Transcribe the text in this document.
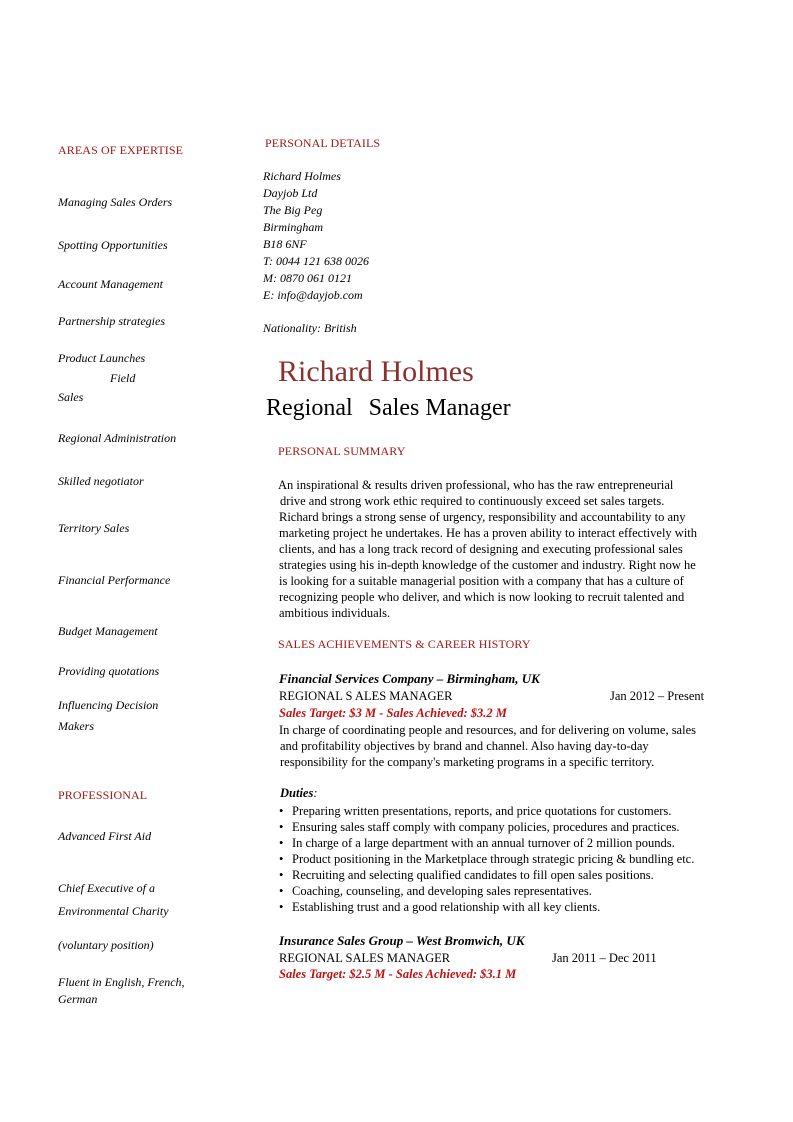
AREAS OF EXPERTISE
Managing Sales Orders
Spotting Opportunities
Account Management
Partnership strategies
Product Launches
Field
Sales
Regional Administration
Skilled negotiator
Territory Sales
Financial Performance
Budget Management
Providing quotations
Influencing Decision
Makers
PROFESSIONAL
Advanced First Aid
Chief Executive of a
Environmental Charity
(voluntary position)
Fluent in English, French,
German
PERSONAL DETAILS
Richard Holmes
Dayjob Ltd
The Big Peg
Birmingham
B18 6NF
T: 0044 121 638 0026
M: 0870 061 0121
E: info@dayjob.com
Nationality: British
Richard Holmes
Regional Sales Manager
PERSONAL SUMMARY
An inspirational & results driven professional, who has the raw entrepreneurial
drive and strong work ethic required to continuously exceed set sales targets.
Richard brings a strong sense of urgency, responsibility and accountability to any
marketing project he undertakes. He has a proven ability to interact effectively with
clients, and has a long track record of designing and executing professional sales
strategies using his in-depth knowledge of the customer and industry. Right now he
is looking for a suitable managerial position with a company that has a culture of
recognizing people who deliver, and which is now looking to recruit talented and
ambitious individuals.
SALES ACHIEVEMENTS & CAREER HISTORY
Financial Services Company – Birmingham, UK
REGIONAL S ALES MANAGER	Jan 2012 – Present
Sales Target: $3 M - Sales Achieved: $3.2 M
In charge of coordinating people and resources, and for delivering on volume, sales
and profitability objectives by brand and channel. Also having day-to-day
responsibility for the company's marketing programs in a specific territory.
Duties:
• Preparing written presentations, reports, and price quotations for customers.
• Ensuring sales staff comply with company policies, procedures and practices.
• In charge of a large department with an annual turnover of 2 million pounds.
• Product positioning in the Marketplace through strategic pricing & bundling etc.
• Recruiting and selecting qualified candidates to fill open sales positions.
• Coaching, counseling, and developing sales representatives.
• Establishing trust and a good relationship with all key clients.
Insurance Sales Group – West Bromwich, UK
REGIONAL SALES MANAGER	Jan 2011 – Dec 2011
Sales Target: $2.5 M - Sales Achieved: $3.1 M
